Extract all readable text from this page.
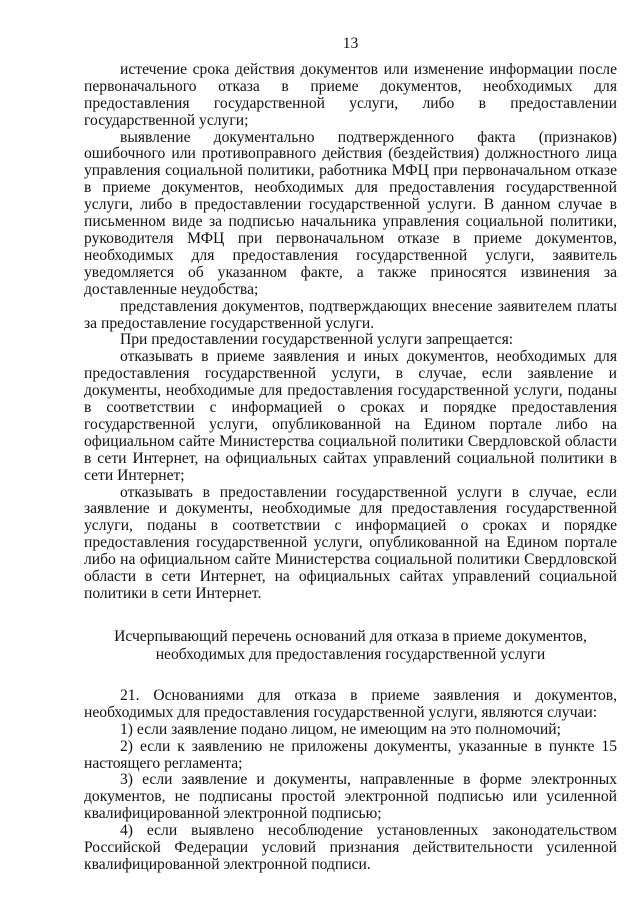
13

истечение срока действия документов или изменение информации после первоначального отказа в приеме документов, необходимых для предоставления государственной услуги, либо в предоставлении государственной услуги;

выявление документально подтвержденного факта (признаков) ошибочного или противоправного действия (бездействия) должностного лица управления социальной политики, работника МФЦ при первоначальном отказе в приеме документов, необходимых для предоставления государственной услуги, либо в предоставлении государственной услуги. В данном случае в письменном виде за подписью начальника управления социальной политики, руководителя МФЦ при первоначальном отказе в приеме документов, необходимых для предоставления государственной услуги, заявитель уведомляется об указанном факте, а также приносятся извинения за доставленные неудобства;

представления документов, подтверждающих внесение заявителем платы за предоставление государственной услуги.

При предоставлении государственной услуги запрещается:

отказывать в приеме заявления и иных документов, необходимых для предоставления государственной услуги, в случае, если заявление и документы, необходимые для предоставления государственной услуги, поданы в соответствии с информацией о сроках и порядке предоставления государственной услуги, опубликованной на Едином портале либо на официальном сайте Министерства социальной политики Свердловской области в сети Интернет, на официальных сайтах управлений социальной политики в сети Интернет;

отказывать в предоставлении государственной услуги в случае, если заявление и документы, необходимые для предоставления государственной услуги, поданы в соответствии с информацией о сроках и порядке предоставления государственной услуги, опубликованной на Едином портале либо на официальном сайте Министерства социальной политики Свердловской области в сети Интернет, на официальных сайтах управлений социальной политики в сети Интернет.

Исчерпывающий перечень оснований для отказа в приеме документов,
необходимых для предоставления государственной услуги

21. Основаниями для отказа в приеме заявления и документов, необходимых для предоставления государственной услуги, являются случаи:

1) если заявление подано лицом, не имеющим на это полномочий;

2) если к заявлению не приложены документы, указанные в пункте 15 настоящего регламента;

3) если заявление и документы, направленные в форме электронных документов, не подписаны простой электронной подписью или усиленной квалифицированной электронной подписью;

4) если выявлено несоблюдение установленных законодательством Российской Федерации условий признания действительности усиленной квалифицированной электронной подписи.
